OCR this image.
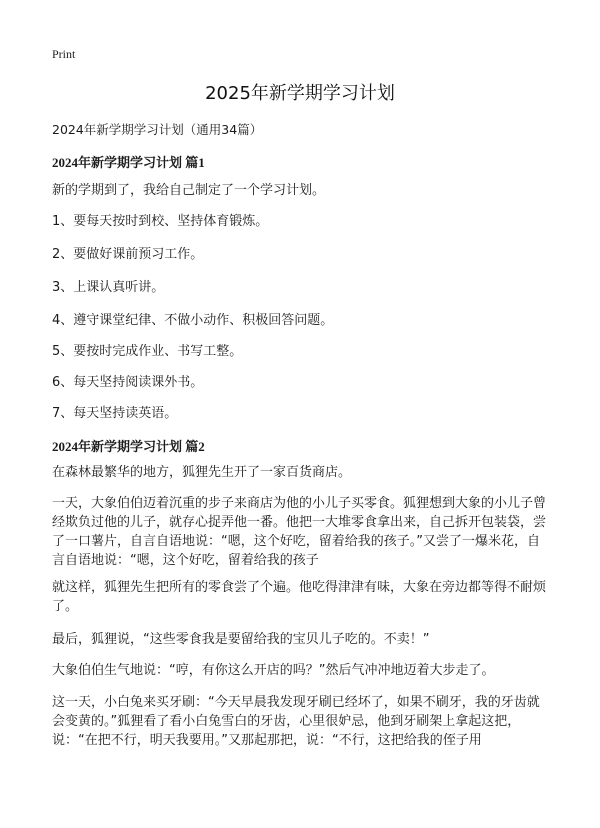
Print
2025年新学期学习计划
2024年新学期学习计划（通用34篇）
2024年新学期学习计划 篇1
新的学期到了，我给自己制定了一个学习计划。
1、要每天按时到校、坚持体育锻炼。
2、要做好课前预习工作。
3、上课认真听讲。
4、遵守课堂纪律、不做小动作、积极回答问题。
5、要按时完成作业、书写工整。
6、每天坚持阅读课外书。
7、每天坚持读英语。
2024年新学期学习计划 篇2
在森林最繁华的地方，狐狸先生开了一家百货商店。
一天，大象伯伯迈着沉重的步子来商店为他的小儿子买零食。狐狸想到大象的小儿子曾经欺负过他的儿子，就存心捉弄他一番。他把一大堆零食拿出来，自己拆开包装袋，尝了一口薯片，自言自语地说：“嗯，这个好吃，留着给我的孩子。”又尝了一爆米花，自言自语地说：“嗯，这个好吃，留着给我的孩子
就这样，狐狸先生把所有的零食尝了个遍。他吃得津津有味，大象在旁边都等得不耐烦了。
最后，狐狸说，“这些零食我是要留给我的宝贝儿子吃的。不卖！”
大象伯伯生气地说：“哼，有你这么开店的吗？”然后气冲冲地迈着大步走了。
这一天，小白兔来买牙刷：“今天早晨我发现牙刷已经坏了，如果不刷牙，我的牙齿就会变黄的。”狐狸看了看小白兔雪白的牙齿，心里很妒忌，他到牙刷架上拿起这把，说：“在把不行，明天我要用。”又那起那把，说：“不行，这把给我的侄子用
